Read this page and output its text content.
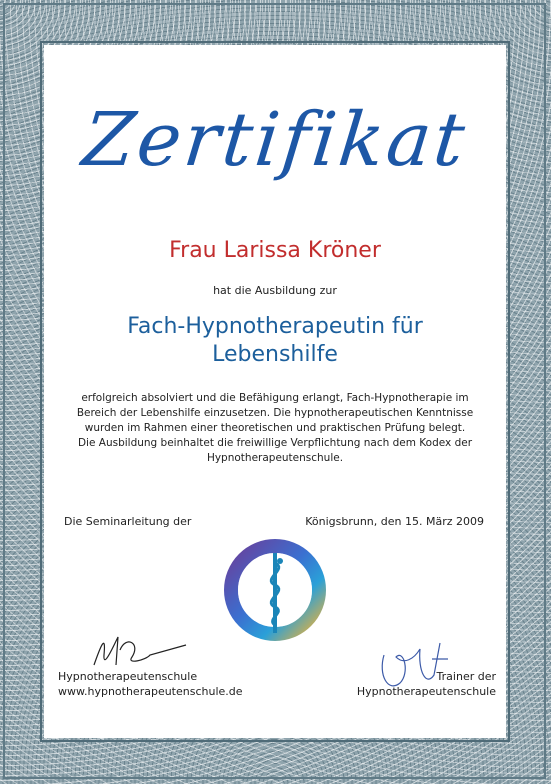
Zertifikat
Frau Larissa Kröner
hat die Ausbildung zur
Fach-Hypnotherapeutin für
Lebenshilfe
erfolgreich absolviert und die Befähigung erlangt, Fach-Hypnotherapie im
Bereich der Lebenshilfe einzusetzen. Die hypnotherapeutischen Kenntnisse
wurden im Rahmen einer theoretischen und praktischen Prüfung belegt.
Die Ausbildung beinhaltet die freiwillige Verpflichtung nach dem Kodex der
Hypnotherapeutenschule.
Die Seminarleitung der	Königsbrunn, den 15. März 2009
Hypnotherapeutenschule
www.hypnotherapeutenschule.de
Trainer der
Hypnotherapeutenschule
